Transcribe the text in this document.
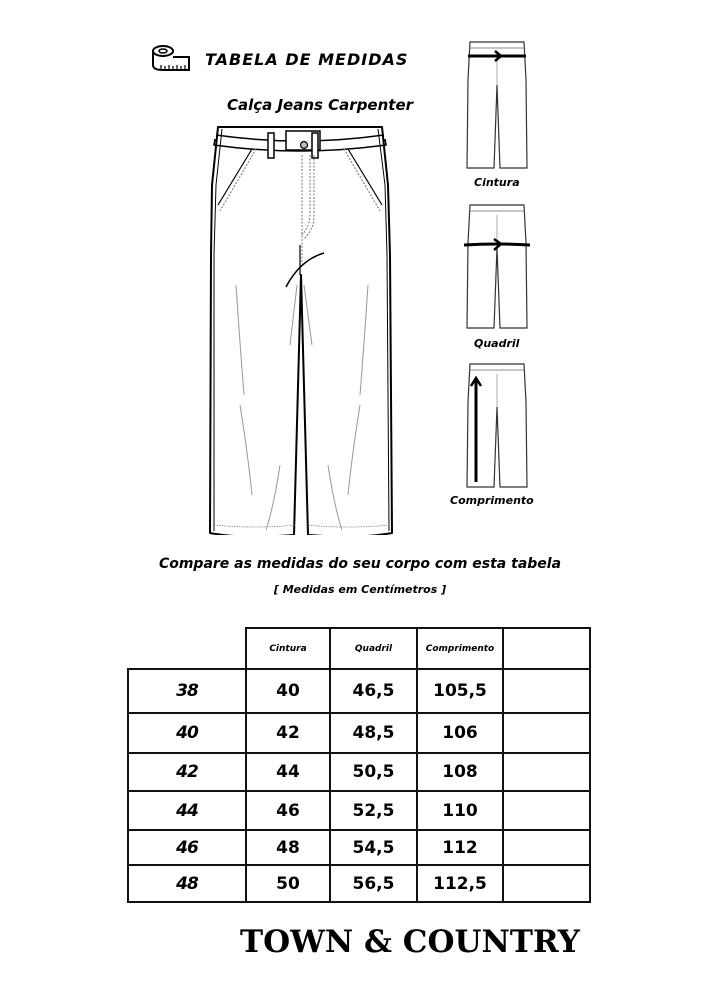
TABELA DE MEDIDAS
Calça Jeans Carpenter
Cintura
Quadril
Comprimento
Compare as medidas do seu corpo com esta tabela
[ Medidas em Centímetros ]
	Cintura	Quadril	Comprimento	
38	40	46,5	105,5	
40	42	48,5	106	
42	44	50,5	108	
44	46	52,5	110	
46	48	54,5	112	
48	50	56,5	112,5	
TOWN & COUNTRY
